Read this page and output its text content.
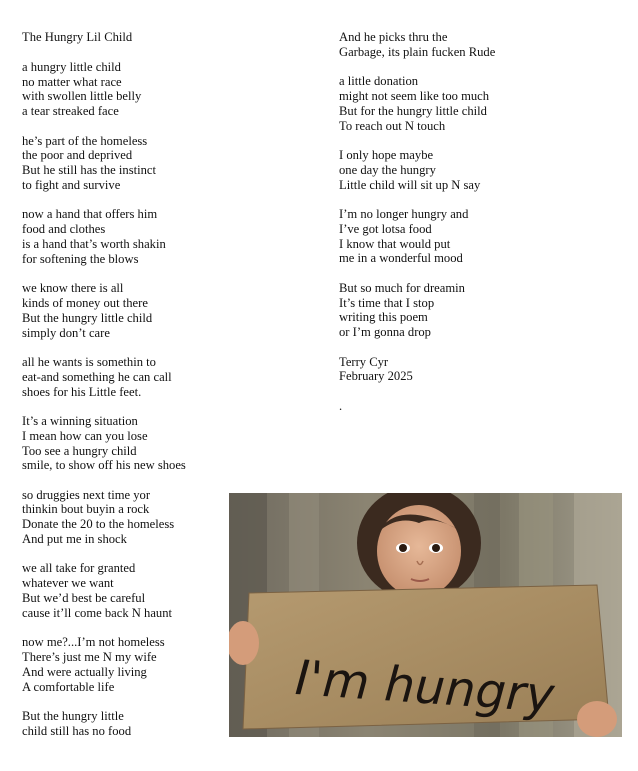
The Hungry Lil Child
a hungry little child
no matter what race
with swollen little belly
a tear streaked face
he’s part of the homeless
the poor and deprived
But he still has the instinct
to fight and survive
now a hand that offers him
food and clothes
is a hand that’s worth shakin
for softening the blows
we know there is all
kinds of money out there
But the hungry little child
simply don’t care
all he wants is somethin to
eat-and something he can call
shoes for his Little feet.
It’s a winning situation
I mean how can you lose
Too see a hungry child
smile, to show off his new shoes
so druggies next time yor
thinkin bout buyin a rock
Donate the 20 to the homeless
And put me in shock
we all take for granted
whatever we want
But we’d best be careful
cause it’ll come back N haunt
now me?...I’m not homeless
There’s just me N my wife
And were actually living
A comfortable life
But the hungry little
child still has no food
And he picks thru the
Garbage, its plain fucken Rude
a little donation
might not seem like too much
But for the hungry little child
To reach out N touch
I only hope maybe
one day the hungry
Little child will sit up N say
I’m no longer hungry and
I’ve got lotsa food
I know that would put
me in a wonderful mood
But so much for dreamin
It’s time that I stop
writing this poem
or I’m gonna drop
Terry Cyr
February 2025
.
I'm hungry
